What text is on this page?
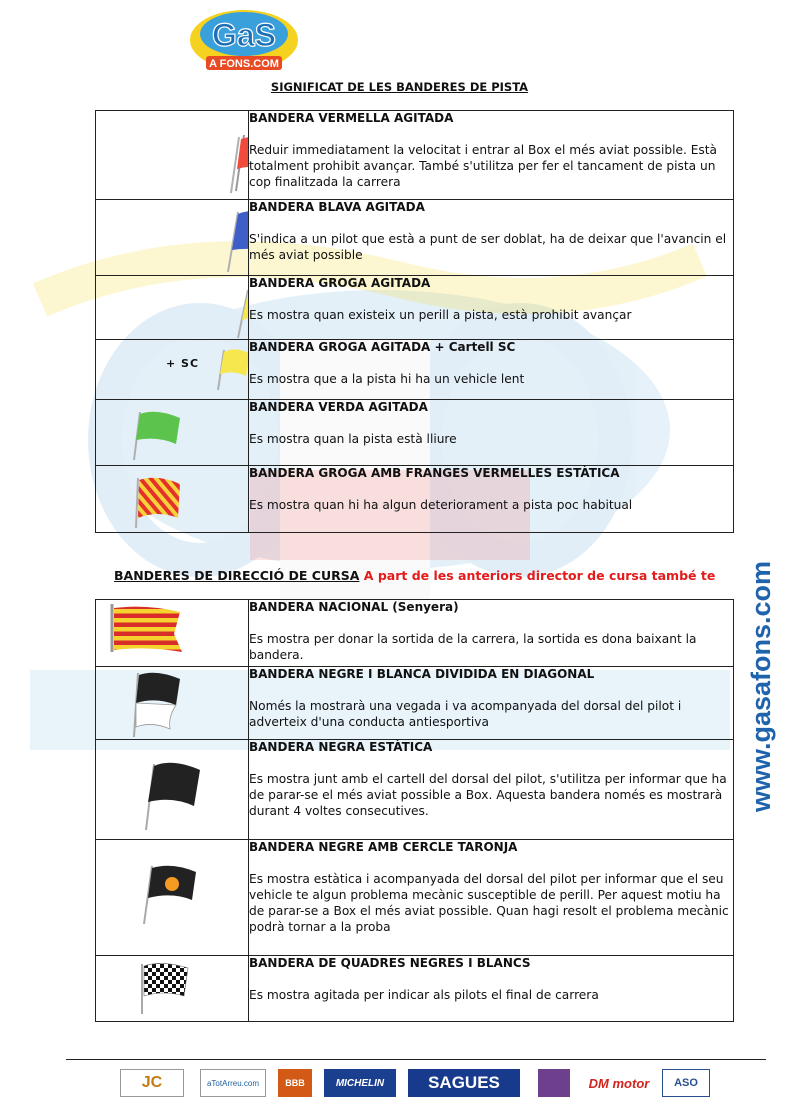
GaS
A FONS.COM
SIGNIFICAT DE LES BANDERES DE PISTA

BANDERA VERMELLA AGITADA
Reduir immediatament la velocitat i entrar al Box el més aviat possible. Està totalment prohibit avançar. També s'utilitza per fer el tancament de pista un cop finalitzada la carrera

BANDERA BLAVA AGITADA
S'indica a un pilot que està a punt de ser doblat, ha de deixar que l'avancin el més aviat possible

BANDERA GROGA AGITADA
Es mostra quan existeix un perill a pista, està prohibit avançar

+ SC	BANDERA GROGA AGITADA + Cartell SC
Es mostra que a la pista hi ha un vehicle lent

BANDERA VERDA AGITADA
Es mostra quan la pista està lliure

BANDERA GROGA AMB FRANGES VERMELLES ESTÀTICA
Es mostra quan hi ha algun deteriorament a pista poc habitual
BANDERES DE DIRECCIÓ DE CURSA A part de les anteriors director de cursa també te www.gasafons.com

BANDERA NACIONAL (Senyera)
Es mostra per donar la sortida de la carrera, la sortida es dona baixant la bandera.

BANDERA NEGRE I BLANCA DIVIDIDA EN DIAGONAL
Només la mostrarà una vegada i va acompanyada del dorsal del pilot i adverteix d'una conducta antiesportiva

BANDERA NEGRA ESTÀTICA
Es mostra junt amb el cartell del dorsal del pilot, s'utilitza per informar que ha de parar-se el més aviat possible a Box. Aquesta bandera només es mostrarà durant 4 voltes consecutives.

BANDERA NEGRE AMB CERCLE TARONJA
Es mostra estàtica i acompanyada del dorsal del pilot per informar que el seu vehicle te algun problema mecànic susceptible de perill. Per aquest motiu ha de parar-se a Box el més aviat possible. Quan hagi resolt el problema mecànic podrà tornar a la proba

BANDERA DE QUADRES NEGRES I BLANCS
Es mostra agitada per indicar als pilots el final de carrera
JC	aTotArreu.com	BBB	MICHELIN	SAGUES	DM motor	ASO
